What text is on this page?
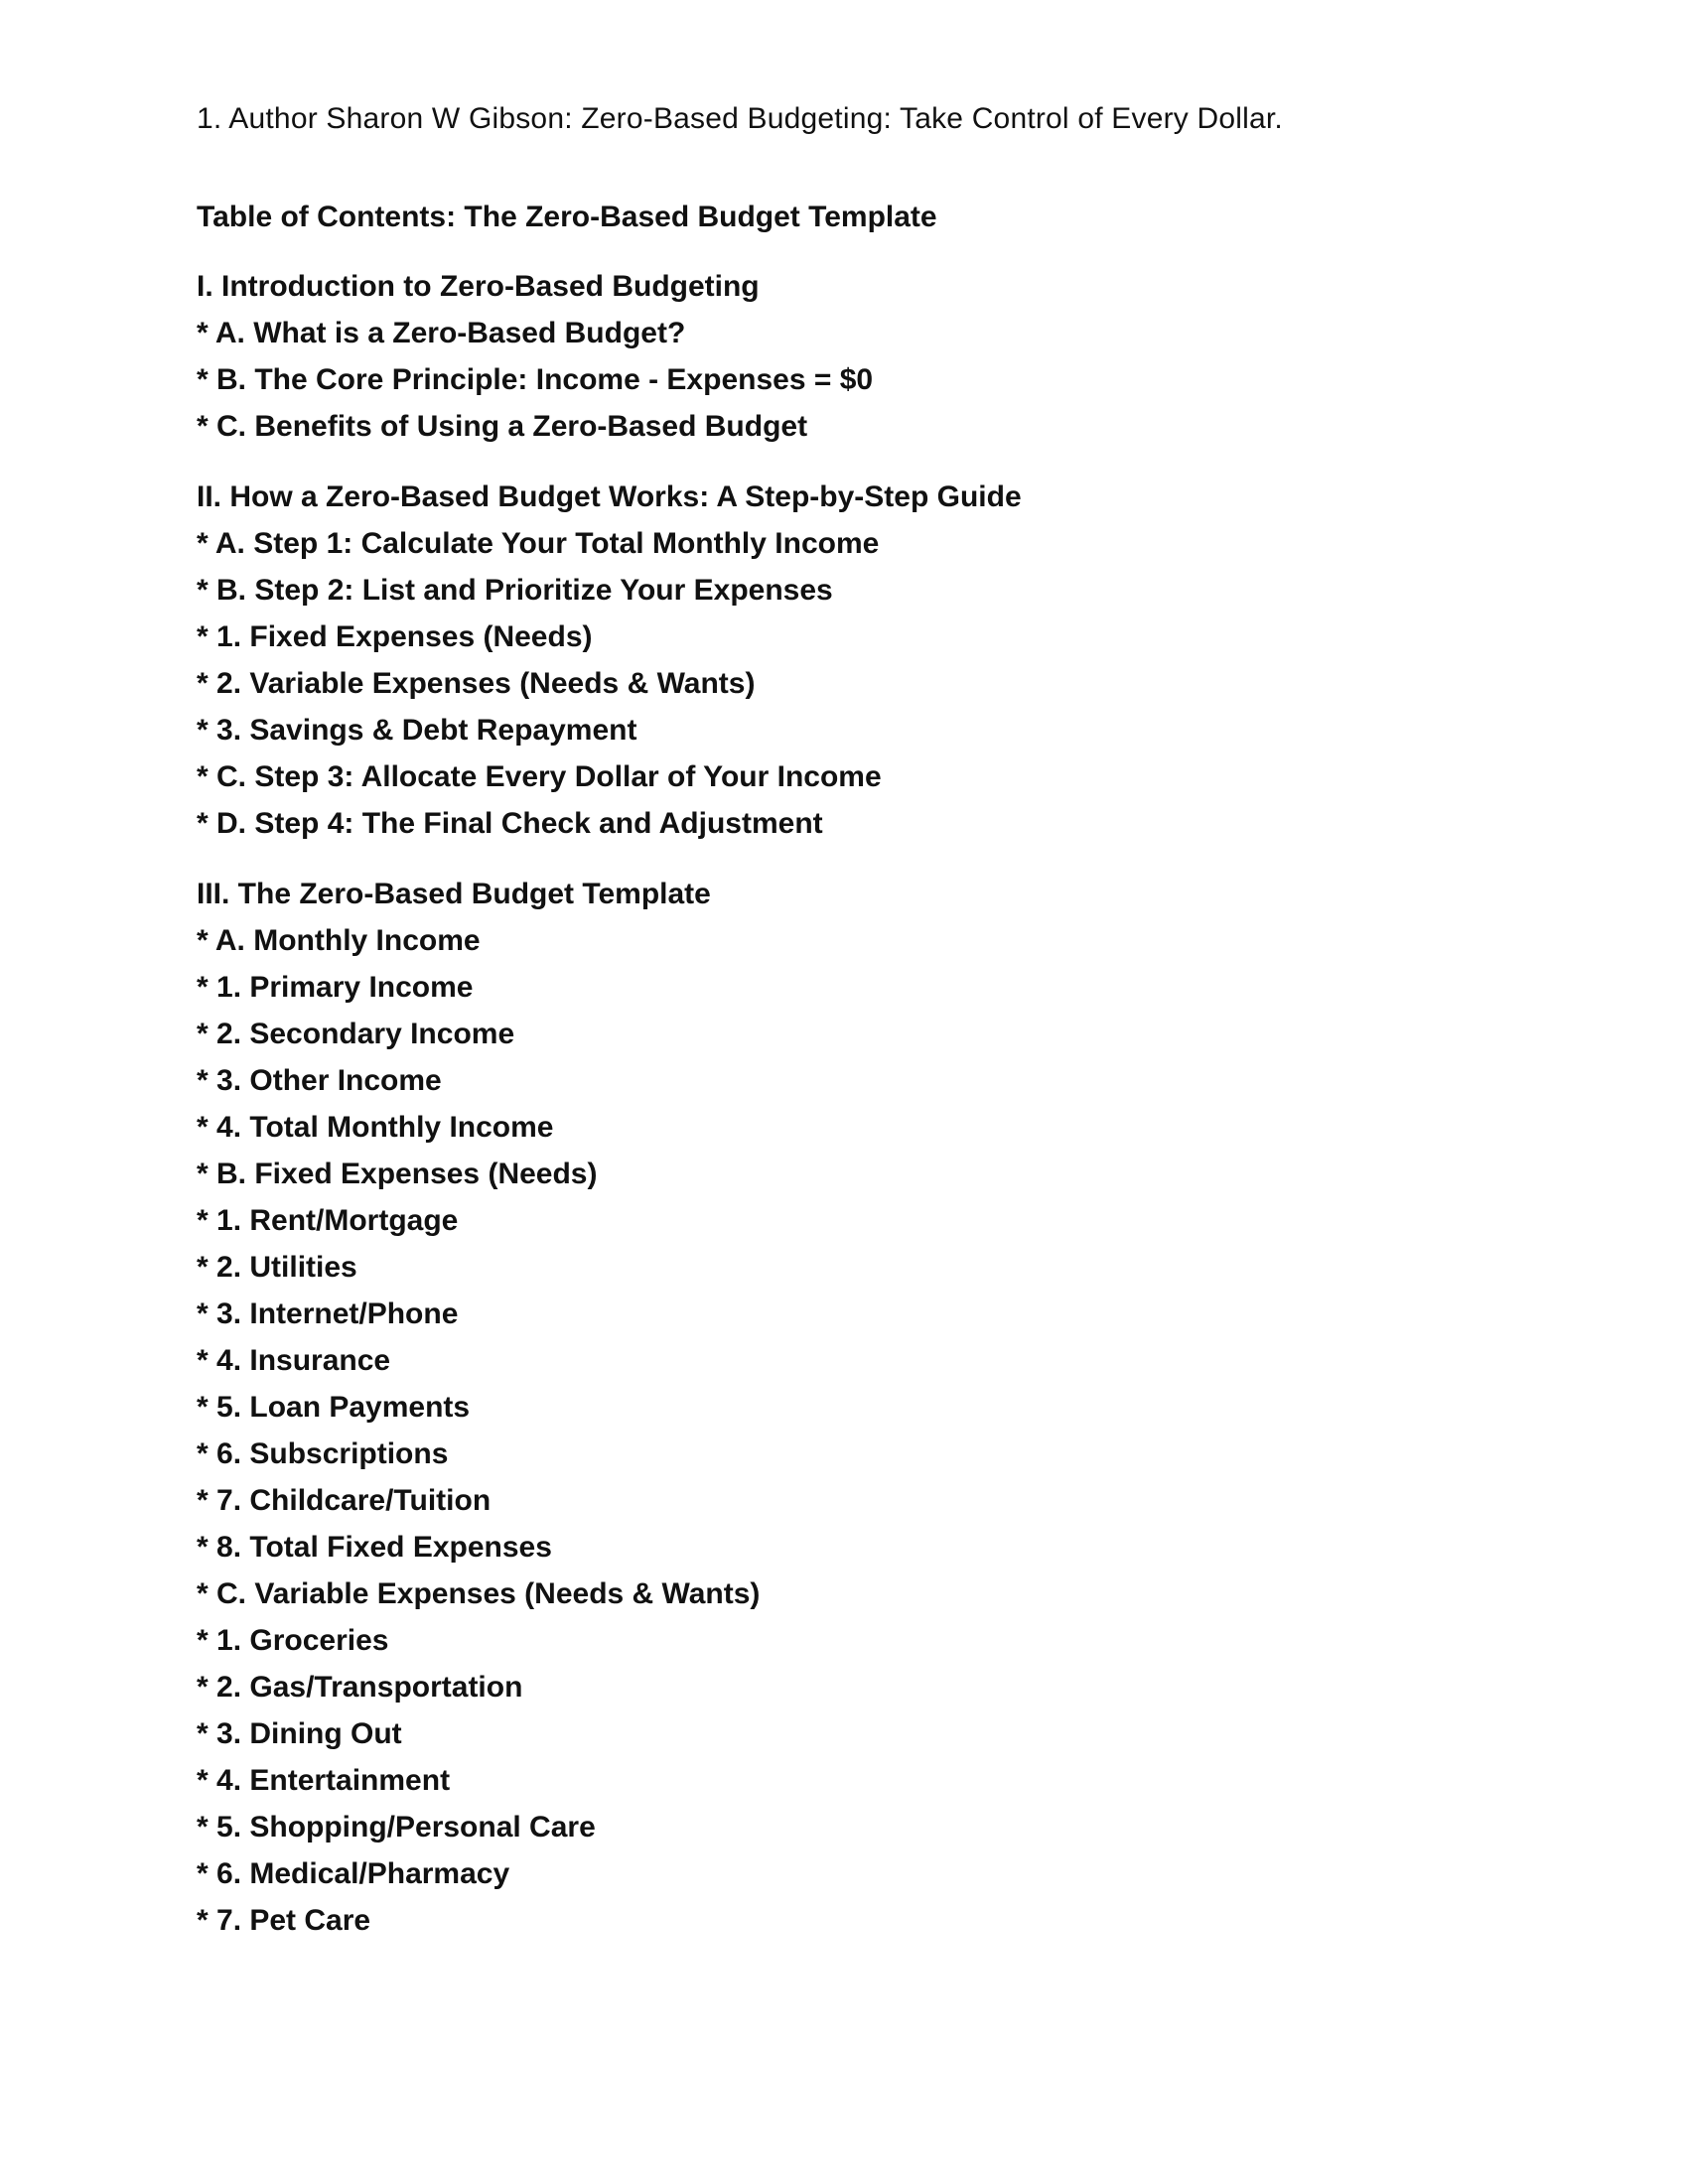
1. Author Sharon W Gibson: Zero-Based Budgeting: Take Control of Every Dollar.

Table of Contents: The Zero-Based Budget Template

I. Introduction to Zero-Based Budgeting

* A. What is a Zero-Based Budget?

* B. The Core Principle: Income - Expenses = $0

* C. Benefits of Using a Zero-Based Budget

II. How a Zero-Based Budget Works: A Step-by-Step Guide

* A. Step 1: Calculate Your Total Monthly Income

* B. Step 2: List and Prioritize Your Expenses

* 1. Fixed Expenses (Needs)

* 2. Variable Expenses (Needs & Wants)

* 3. Savings & Debt Repayment

* C. Step 3: Allocate Every Dollar of Your Income

* D. Step 4: The Final Check and Adjustment

III. The Zero-Based Budget Template

* A. Monthly Income

* 1. Primary Income

* 2. Secondary Income

* 3. Other Income

* 4. Total Monthly Income

* B. Fixed Expenses (Needs)

* 1. Rent/Mortgage

* 2. Utilities

* 3. Internet/Phone

* 4. Insurance

* 5. Loan Payments

* 6. Subscriptions

* 7. Childcare/Tuition

* 8. Total Fixed Expenses

* C. Variable Expenses (Needs & Wants)

* 1. Groceries

* 2. Gas/Transportation

* 3. Dining Out

* 4. Entertainment

* 5. Shopping/Personal Care

* 6. Medical/Pharmacy

* 7. Pet Care
